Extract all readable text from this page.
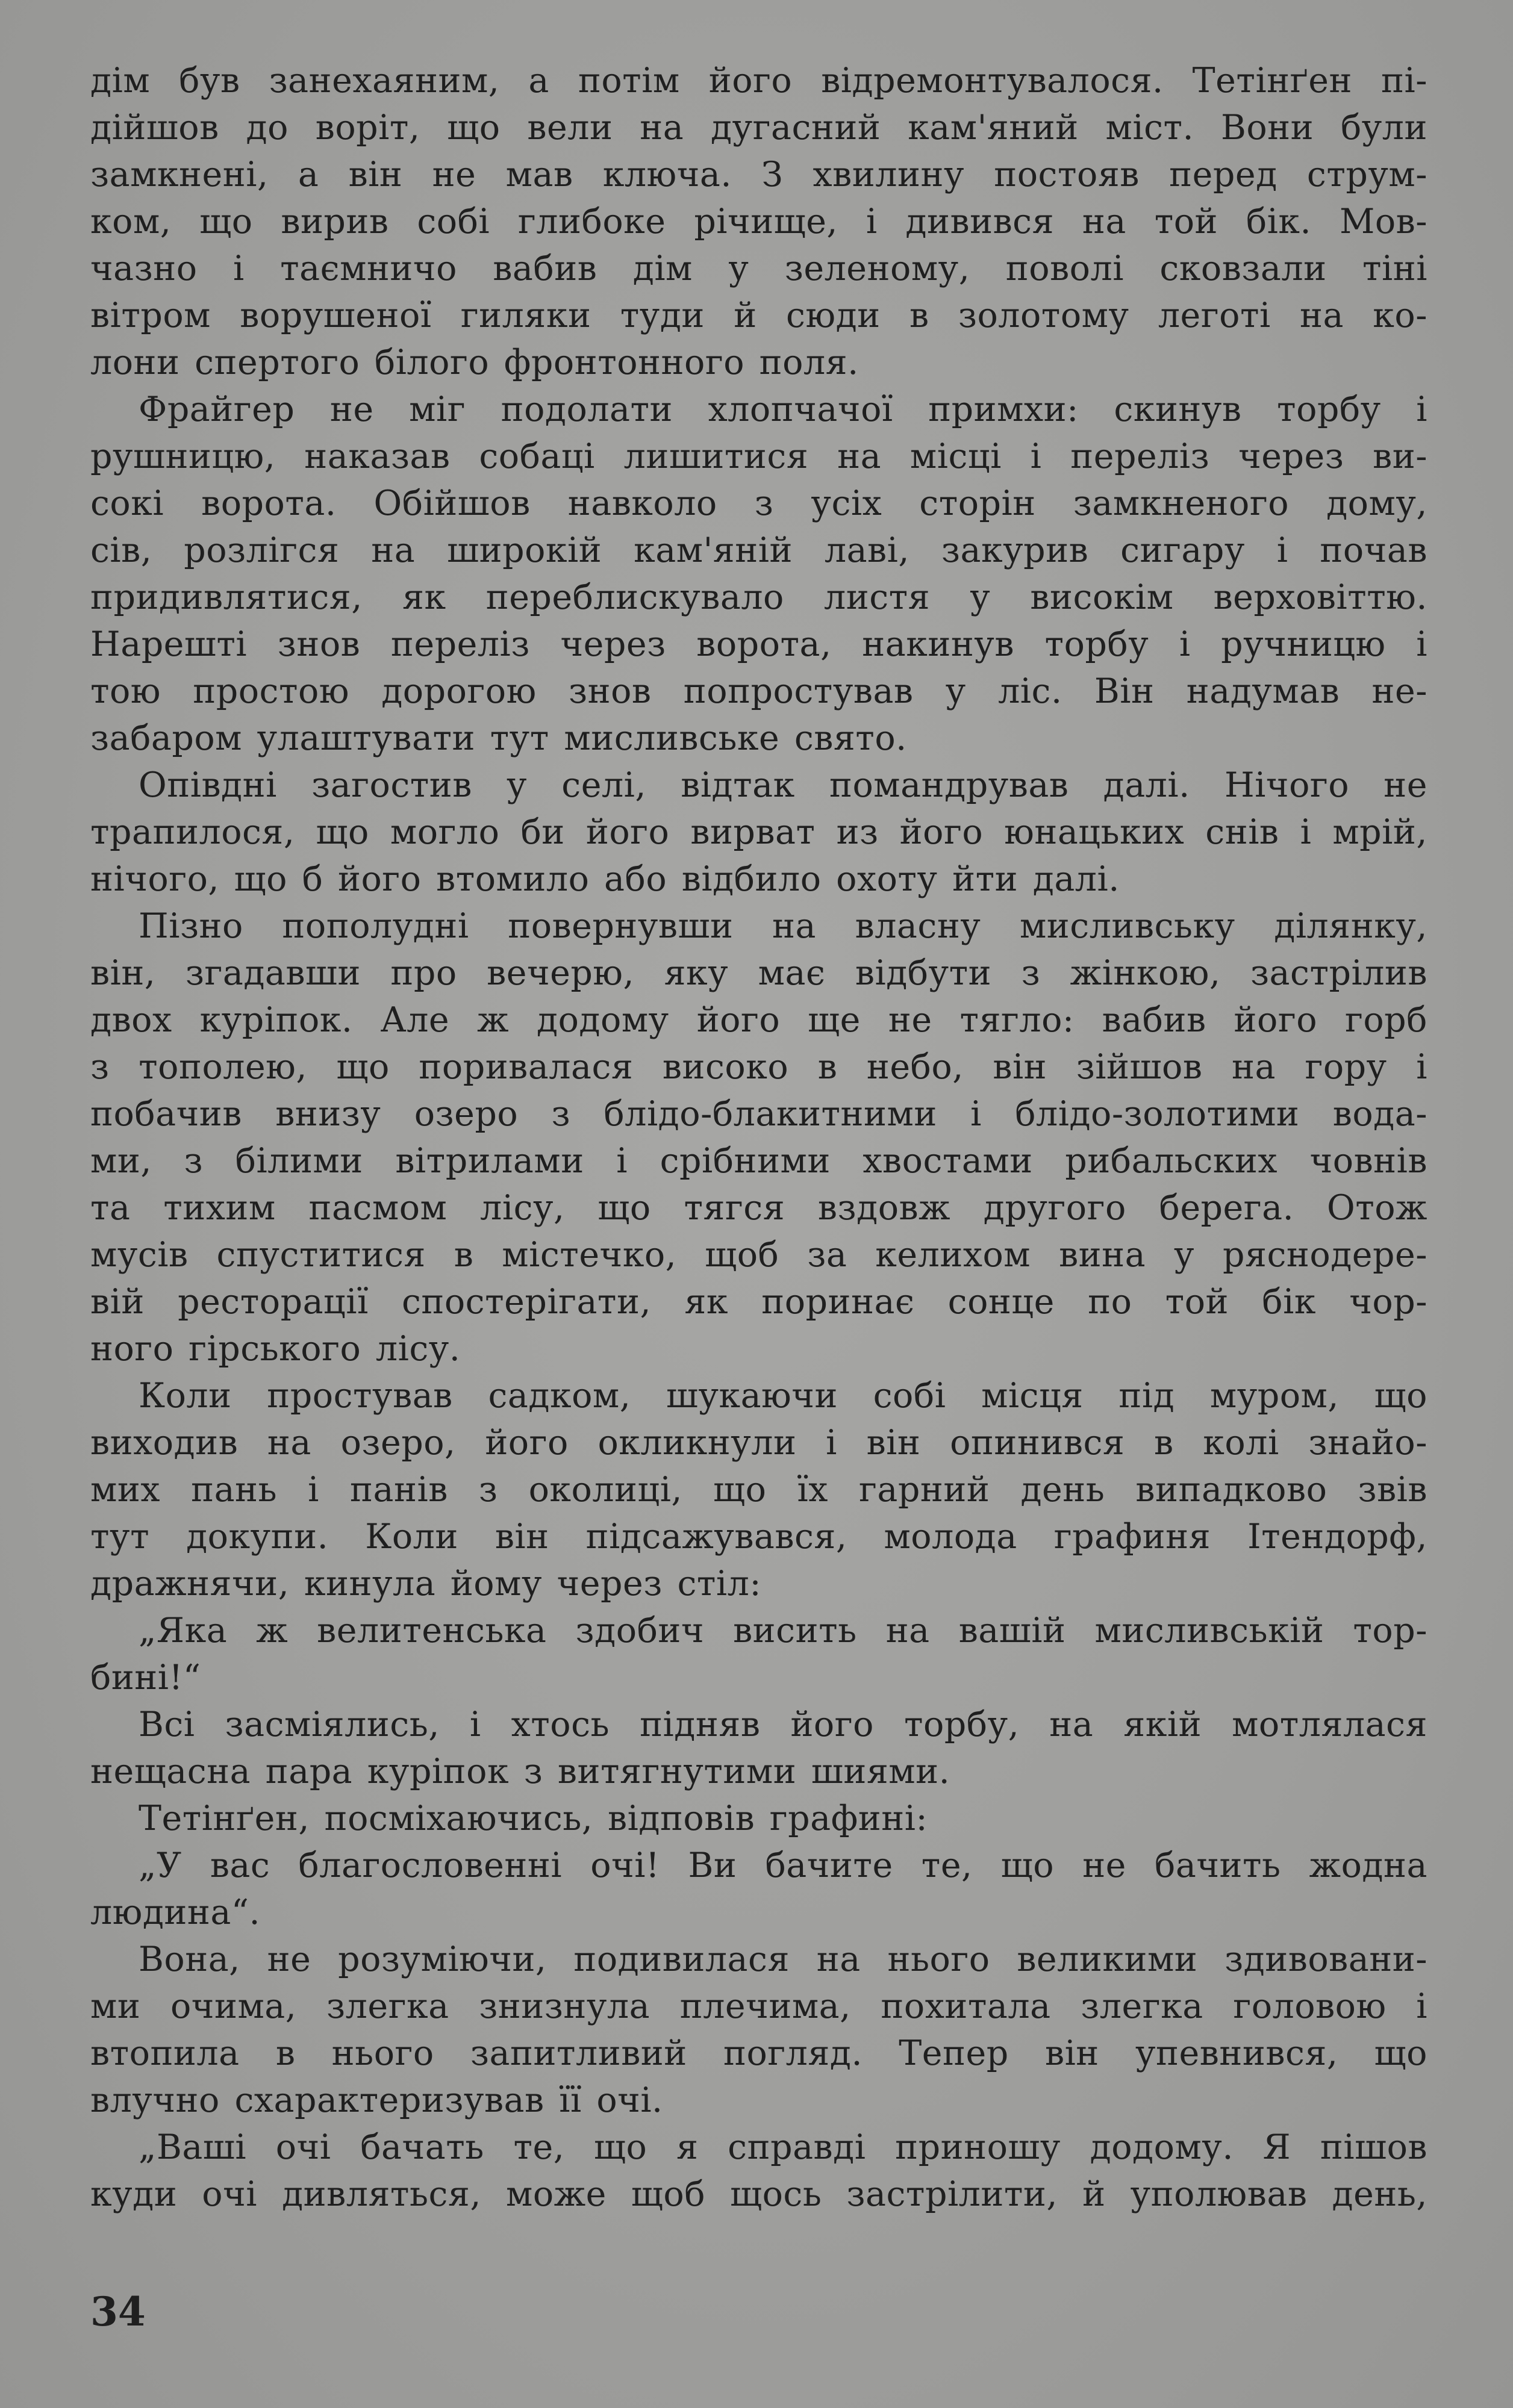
дім був занехаяним, а потім його відремонтувалося. Тетінґен пі-
дійшов до воріт, що вели на дугасний кам'яний міст. Вони були
замкнені, а він не мав ключа. З хвилину постояв перед струм-
ком, що вирив собі глибоке річище, і дивився на той бік. Мов-
чазно і таємничо вабив дім у зеленому, поволі сковзали тіні
вітром ворушеної гиляки туди й сюди в золотому леготі на ко-
лони спертого білого фронтонного поля.
Фрайгер не міг подолати хлопчачої примхи: скинув торбу і
рушницю, наказав собаці лишитися на місці і переліз через ви-
сокі ворота. Обійшов навколо з усіх сторін замкненого дому,
сів, розлігся на широкій кам'яній лаві, закурив сигару і почав
придивлятися, як переблискувало листя у високім верховіттю.
Нарешті знов переліз через ворота, накинув торбу і ручницю і
тою простою дорогою знов попростував у ліс. Він надумав не-
забаром улаштувати тут мисливське свято.
Опівдні загостив у селі, відтак помандрував далі. Нічого не
трапилося, що могло би його вирват из його юнацьких снів і мрій,
нічого, що б його втомило або відбило охоту йти далі.
Пізно пополудні повернувши на власну мисливську ділянку,
він, згадавши про вечерю, яку має відбути з жінкою, застрілив
двох куріпок. Але ж додому його ще не тягло: вабив його горб
з тополею, що поривалася високо в небо, він зійшов на гору і
побачив внизу озеро з блідо-блакитними і блідо-золотими вода-
ми, з білими вітрилами і срібними хвостами рибальских човнів
та тихим пасмом лісу, що тягся вздовж другого берега. Отож
мусів спуститися в містечко, щоб за келихом вина у ряснодере-
вій ресторації спостерігати, як поринає сонце по той бік чор-
ного гірського лісу.
Коли простував садком, шукаючи собі місця під муром, що
виходив на озеро, його окликнули і він опинився в колі знайо-
мих пань і панів з околиці, що їх гарний день випадково звів
тут докупи. Коли він підсажувався, молода графиня Ітендорф,
дражнячи, кинула йому через стіл:
„Яка ж велитенська здобич висить на вашій мисливській тор-
бині!“
Всі засміялись, і хтось підняв його торбу, на якій мотлялася
нещасна пара куріпок з витягнутими шиями.
Тетінґен, посміхаючись, відповів графині:
„У вас благословенні очі! Ви бачите те, що не бачить жодна
людина“.
Вона, не розуміючи, подивилася на нього великими здивовани-
ми очима, злегка знизнула плечима, похитала злегка головою і
втопила в нього запитливий погляд. Тепер він упевнився, що
влучно схарактеризував її очі.
„Ваші очі бачать те, що я справді приношу додому. Я пішов
куди очі дивляться, може щоб щось застрілити, й уполював день,
34
